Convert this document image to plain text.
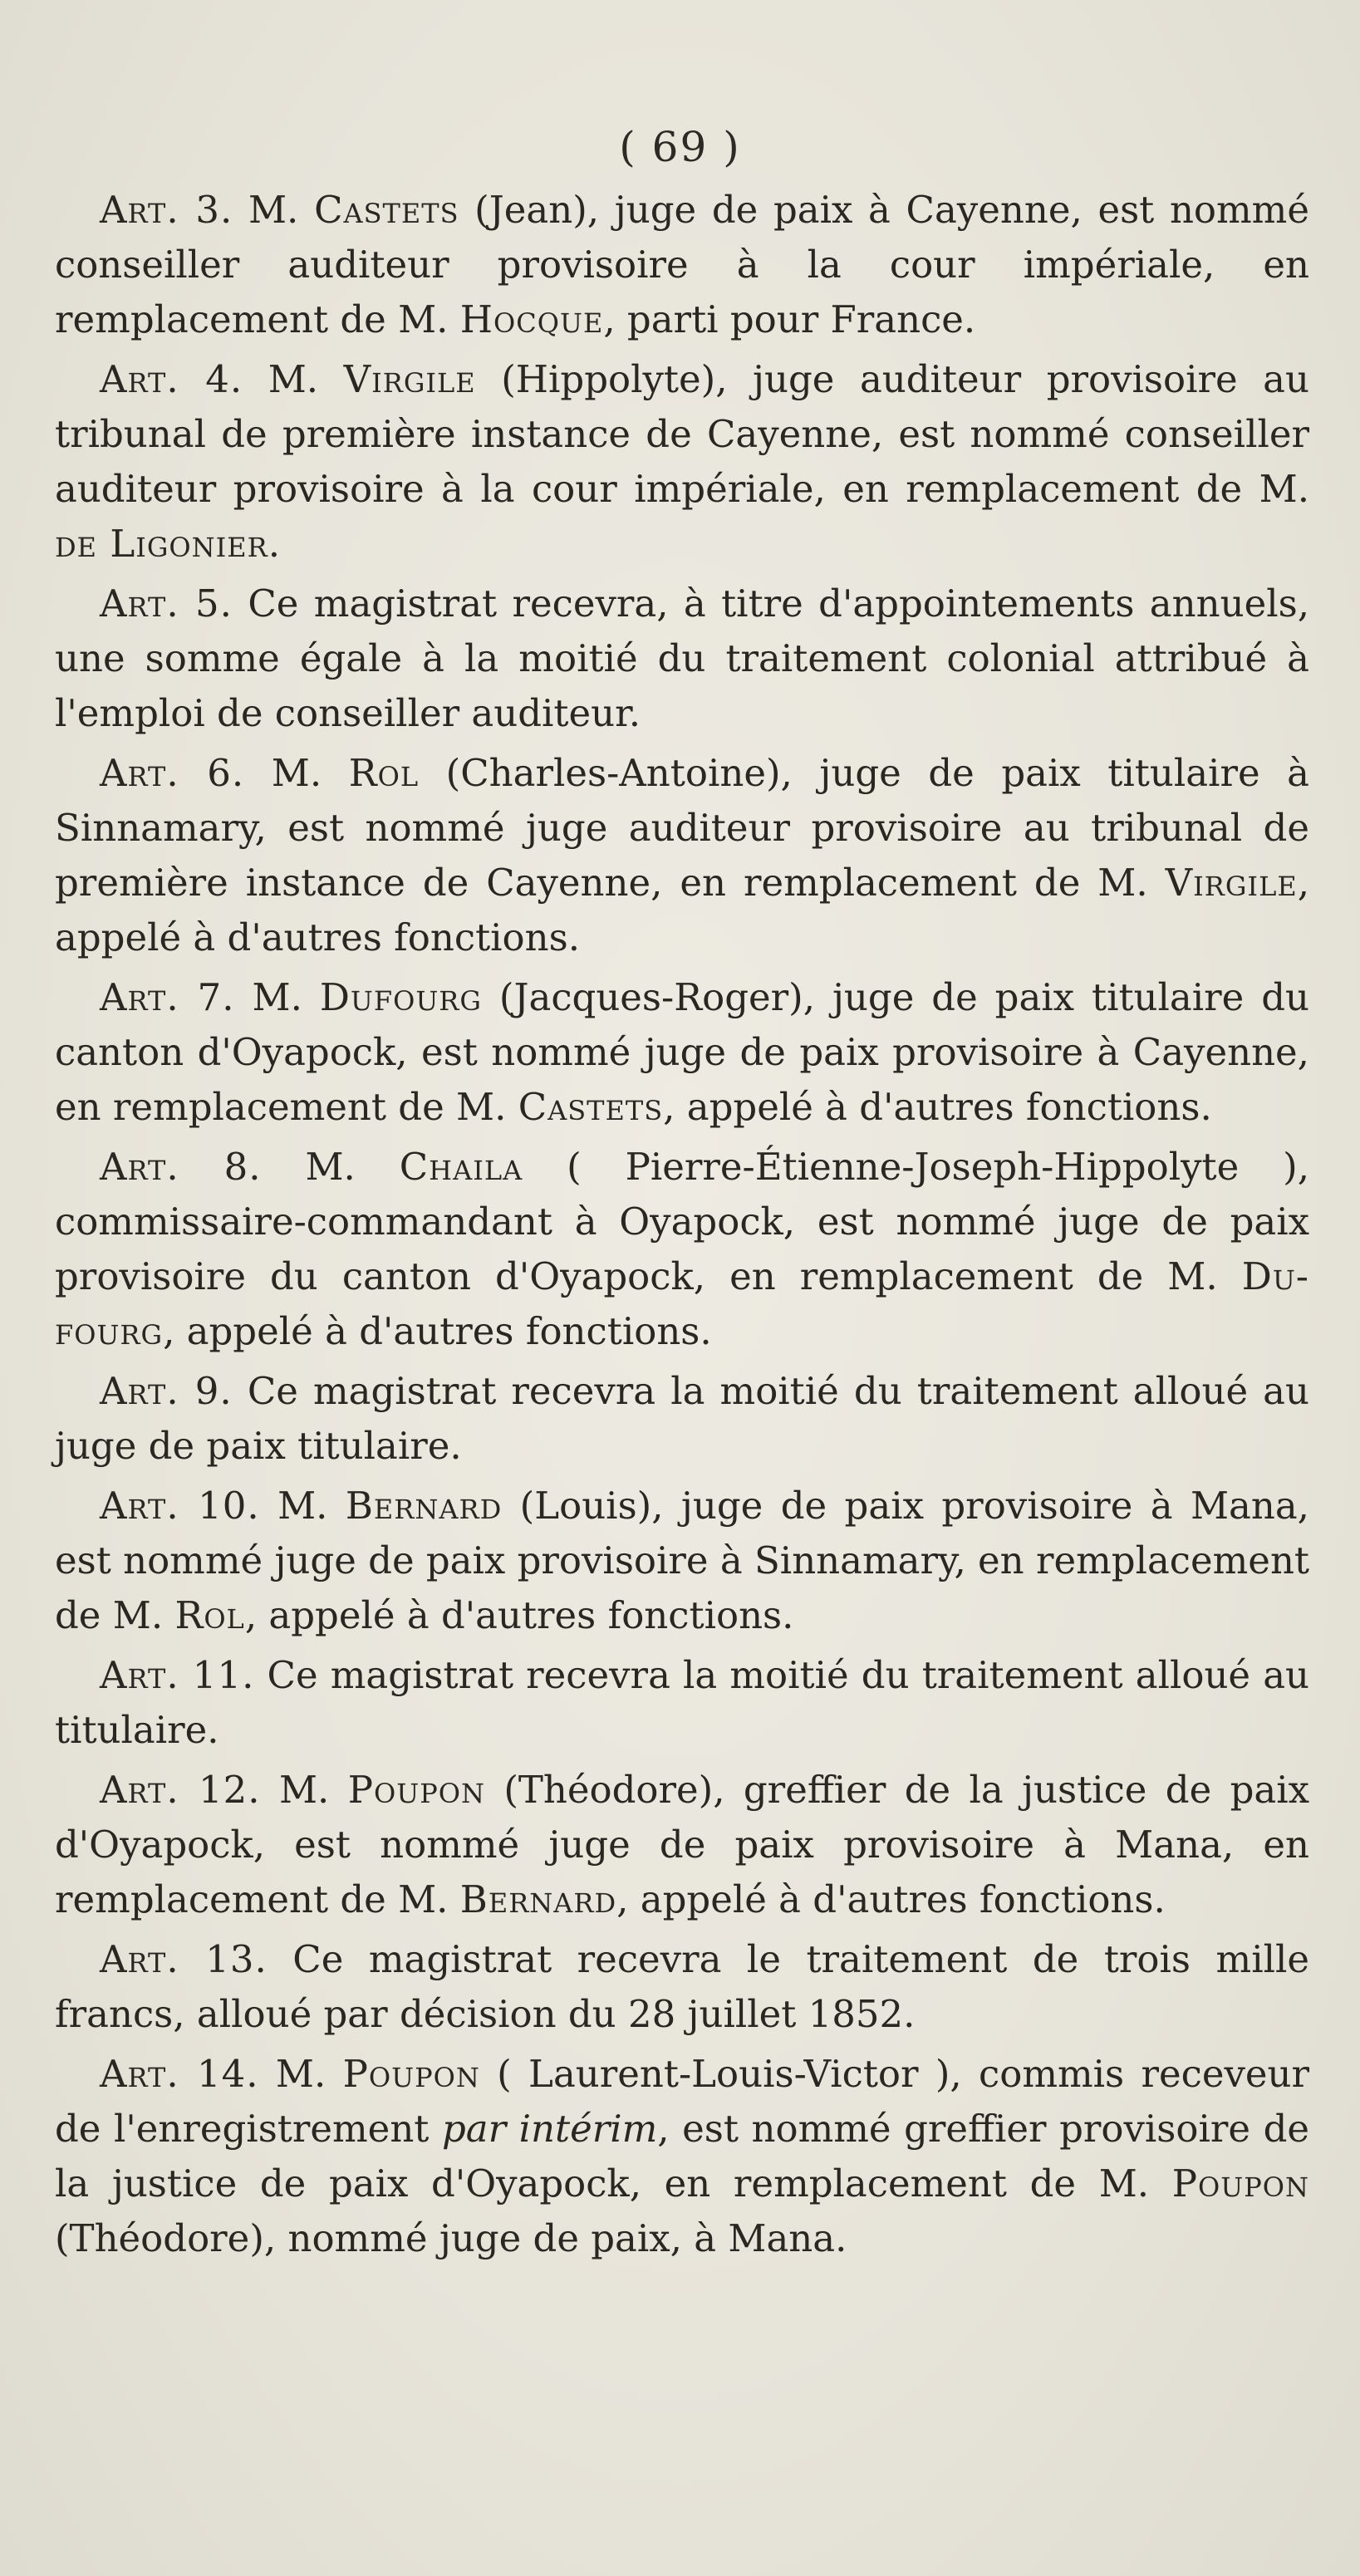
( 69 )

Art. 3. M. Castets (Jean), juge de paix à Cayenne, est nommé conseiller auditeur provisoire à la cour impériale, en remplacement de M. Hocque, parti pour France.

Art. 4. M. Virgile (Hippolyte), juge auditeur provisoire au tribunal de première instance de Cayenne, est nommé conseiller auditeur provisoire à la cour impériale, en remplacement de M. de Ligonier.

Art. 5. Ce magistrat recevra, à titre d'appointements annuels, une somme égale à la moitié du traitement colonial attribué à l'emploi de conseiller auditeur.

Art. 6. M. Rol (Charles-Antoine), juge de paix titulaire à Sinnamary, est nommé juge auditeur provisoire au tribunal de première instance de Cayenne, en remplacement de M. Virgile, appelé à d'autres fonctions.

Art. 7. M. Dufourg (Jacques-Roger), juge de paix titulaire du canton d'Oyapock, est nommé juge de paix provisoire à Cayenne, en remplacement de M. Castets, appelé à d'autres fonctions.

Art. 8. M. Chaila ( Pierre-Étienne-Joseph-Hippolyte ), commissaire-commandant à Oyapock, est nommé juge de paix provisoire du canton d'Oyapock, en remplacement de M. Du-fourg, appelé à d'autres fonctions.

Art. 9. Ce magistrat recevra la moitié du traitement alloué au juge de paix titulaire.

Art. 10. M. Bernard (Louis), juge de paix provisoire à Mana, est nommé juge de paix provisoire à Sinnamary, en remplacement de M. Rol, appelé à d'autres fonctions.

Art. 11. Ce magistrat recevra la moitié du traitement alloué au titulaire.

Art. 12. M. Poupon (Théodore), greffier de la justice de paix d'Oyapock, est nommé juge de paix provisoire à Mana, en remplacement de M. Bernard, appelé à d'autres fonctions.

Art. 13. Ce magistrat recevra le traitement de trois mille francs, alloué par décision du 28 juillet 1852.

Art. 14. M. Poupon ( Laurent-Louis-Victor ), commis receveur de l'enregistrement par intérim, est nommé greffier provisoire de la justice de paix d'Oyapock, en remplacement de M. Poupon (Théodore), nommé juge de paix, à Mana.
